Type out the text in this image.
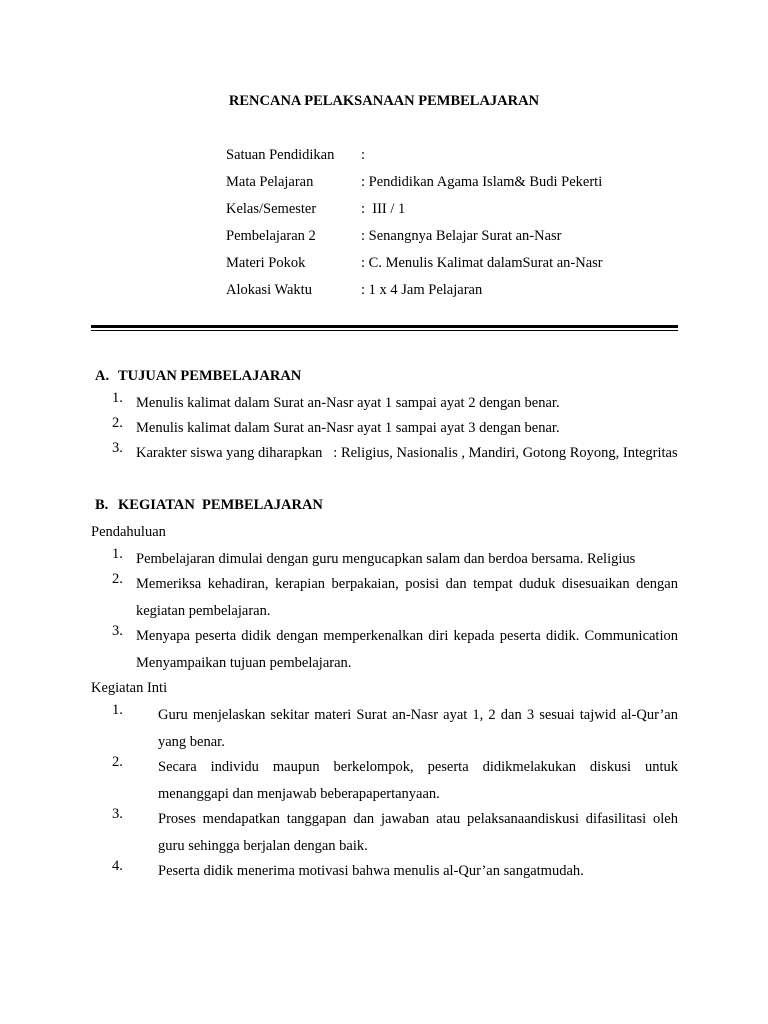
RENCANA PELAKSANAAN PEMBELAJARAN
Satuan Pendidikan :
Mata Pelajaran	: Pendidikan Agama Islam& Budi Pekerti
Kelas/Semester	:  III / 1
Pembelajaran 2	: Senangnya Belajar Surat an-Nasr
Materi Pokok	: C. Menulis Kalimat dalamSurat an-Nasr
Alokasi Waktu	: 1 x 4 Jam Pelajaran
A. TUJUAN PEMBELAJARAN
1. Menulis kalimat dalam Surat an-Nasr ayat 1 sampai ayat 2 dengan benar.
2. Menulis kalimat dalam Surat an-Nasr ayat 1 sampai ayat 3 dengan benar.
3. Karakter siswa yang diharapkan   : Religius, Nasionalis , Mandiri, Gotong Royong, Integritas
B. KEGIATAN  PEMBELAJARAN
Pendahuluan
1. Pembelajaran dimulai dengan guru mengucapkan salam dan berdoa bersama. Religius
2. Memeriksa kehadiran, kerapian berpakaian, posisi dan tempat duduk disesuaikan dengan kegiatan pembelajaran.
3. Menyapa peserta didik dengan memperkenalkan diri kepada peserta didik. Communication Menyampaikan tujuan pembelajaran.
Kegiatan Inti
1. Guru menjelaskan sekitar materi Surat an-Nasr ayat 1, 2 dan 3 sesuai tajwid al-Qur’an yang benar.
2. Secara individu maupun berkelompok, peserta didikmelakukan diskusi untuk menanggapi dan menjawab beberapapertanyaan.
3. Proses mendapatkan tanggapan dan jawaban atau pelaksanaandiskusi difasilitasi oleh guru sehingga berjalan dengan baik.
4. Peserta didik menerima motivasi bahwa menulis al-Qur’an sangatmudah.
